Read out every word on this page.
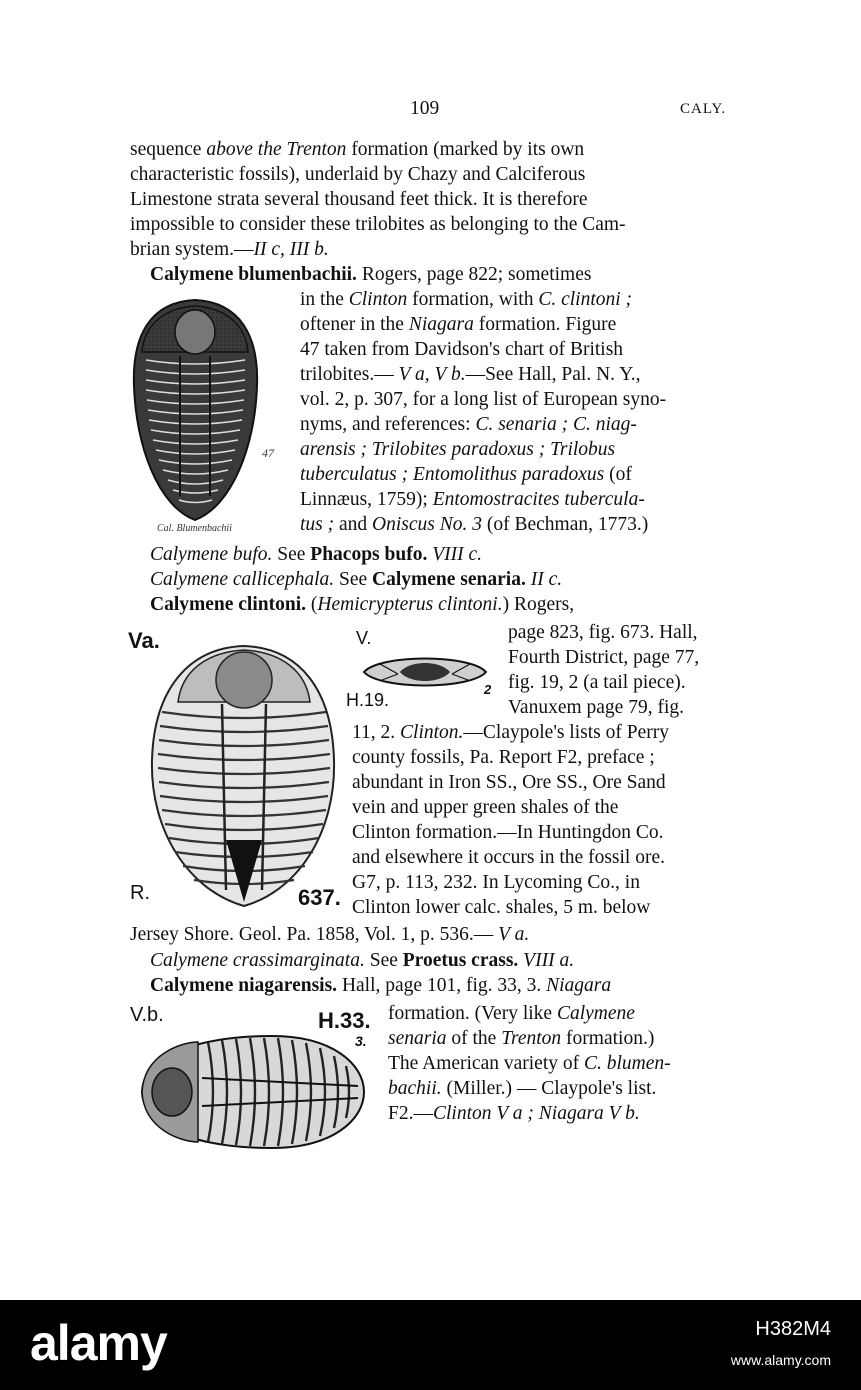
109	CALY.
sequence above the Trenton formation (marked by its own
characteristic fossils), underlaid by Chazy and Calciferous
Limestone strata several thousand feet thick. It is therefore
impossible to consider these trilobites as belonging to the Cam-
brian system.—II c, III b.
Calymene blumenbachii. Rogers, page 822; sometimes
in the Clinton formation, with C. clintoni ;
oftener in the Niagara formation. Figure
47 taken from Davidson's chart of British
trilobites.— V a, V b.—See Hall, Pal. N. Y.,
vol. 2, p. 307, for a long list of European syno-
nyms, and references: C. senaria ; C. niag-
arensis ; Trilobites paradoxus ; Trilobus
tuberculatus ; Entomolithus paradoxus (of
Linnæus, 1759); Entomostracites tubercula-
tus ; and Oniscus No. 3 (of Bechman, 1773.)
47
Cal. Blumenbachii
Calymene bufo. See Phacops bufo. VIII c.
Calymene callicephala. See Calymene senaria. II c.
Calymene clintoni. (Hemicrypterus clintoni.) Rogers,
page 823, fig. 673. Hall,
Fourth District, page 77,
fig. 19, 2 (a tail piece).
Vanuxem page 79, fig.
11, 2. Clinton.—Claypole's lists of Perry
county fossils, Pa. Report F2, preface ;
abundant in Iron SS., Ore SS., Ore Sand
vein and upper green shales of the
Clinton formation.—In Huntingdon Co.
and elsewhere it occurs in the fossil ore.
G7, p. 113, 232. In Lycoming Co., in
Clinton lower calc. shales, 5 m. below
Jersey Shore. Geol. Pa. 1858, Vol. 1, p. 536.— V a.
Va.
R.	637.
V.
H.19.
2
Calymene crassimarginata. See Proetus crass. VIII a.
Calymene niagarensis. Hall, page 101, fig. 33, 3. Niagara
formation. (Very like Calymene
senaria of the Trenton formation.)
The American variety of C. blumen-
bachii. (Miller.) — Claypole's list.
F2.—Clinton V a ; Niagara V b.
V.b.	H.33.
3.
alamy	H382M4
www.alamy.com
